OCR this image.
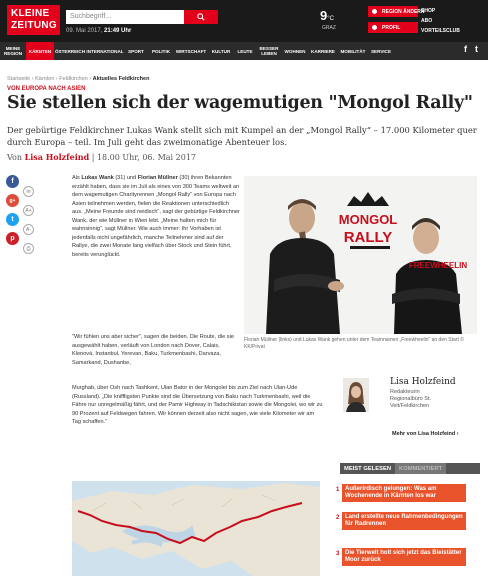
KLEINE
ZEITUNG
Suchbegriff...
09. Mai 2017, 21:49 Uhr
9°C
GRAZ
REGION ÄNDERN
PROFIL
SHOP
ABO
VORTEILSCLUB
MEINE REGION	KÄRNTEN ÖSTERREICH INTERNATIONAL SPORT	POLITIK	WIRTSCHAFT	KULTUR	LEUTE	BESSER LEBEN	WOHNEN	KARRIERE	MOBILITÄT	SERVICE	f t
Startseite › Kärnten › Feldkirchen › Aktuelles Feldkirchen
VON EUROPA NACH ASIEN
Sie stellen sich der wagemutigen "Mongol Rally"
Der gebürtige Feldkirchner Lukas Wank stellt sich mit Kumpel an der „Mongol Rally“ – 17.000 Kilometer quer durch Europa – teil. Im Juli geht das zweimonatige Abenteuer los.
Von Lisa Holzfeind | 18.00 Uhr, 06. Mai 2017
f
g+
t
p
✉
A+
A-
⎙
Als Lukas Wank (31) und Florian Müllner (30) ihren Bekannten erzählt haben, dass sie im Juli als eines von 300 Teams weltweit an dem wagemutigen Charityrennen „Mongol Rally“ von Europa nach Asien teilnehmen werden, fielen die Reaktionen unterschiedlich aus. „Meine Freunde sind neidisch“, sagt der gebürtige Feldkirchner Wank, der wie Müllner in Wien lebt. „Meine halten mich für wahnsinnig“, sagt Müllner. Wie auch immer: Ihr Vorhaben ist jedenfalls nicht ungefährlich, manche Teilnehmer sind auf der Rallye, die zwei Monate lang vielfach über Stock und Stein führt, bereits verunglückt.
"Wir fühlen uns aber sicher", sagen die beiden. Die Route, die sie ausgewählt haben, verläuft von London nach Dover, Calais, Klenová, Instanbul, Yerevan, Baku, Turkmenbashi, Darvaza, Samarkand, Dushanbe,
Murghab, über Osh nach Tashkent, Ulan Bator in der Mongolei bis zum Ziel nach Ulan-Ude (Russland). „Die kniffligsten Punkte sind die Übersetzung von Baku nach Turkmenbashi, weil die Fähre nur unregelmäßig fährt, und der Pamir Highway in Tadschikistan sowie die Mongolei, wo wir zu 90 Prozent auf Feldwegen fahren. Wir können derzeit also nicht sagen, wie viele Kilometer wir am Tag schaffen.“
MONGOL
RALLY
FREEWHEELIN
Florian Müllner (links) und Lukas Wank gehen unter dem Teamnamen „Freewheelin“ an den Start © KK/Privat
Lisa Holzfeind
Redakteurin
Regionalbüro St.
Veit/Feldkirchen
Mehr von Lisa Holzfeind ›
MEIST GELESEN	KOMMENTIERT
1 Außerirdisch gelungen: Was am Wochenende in Kärnten los war
2 Land erstellte neue Rahmenbedingungen für Radrennen
3 Die Tierwelt holt sich jetzt das Bleistätter Moor zurück
